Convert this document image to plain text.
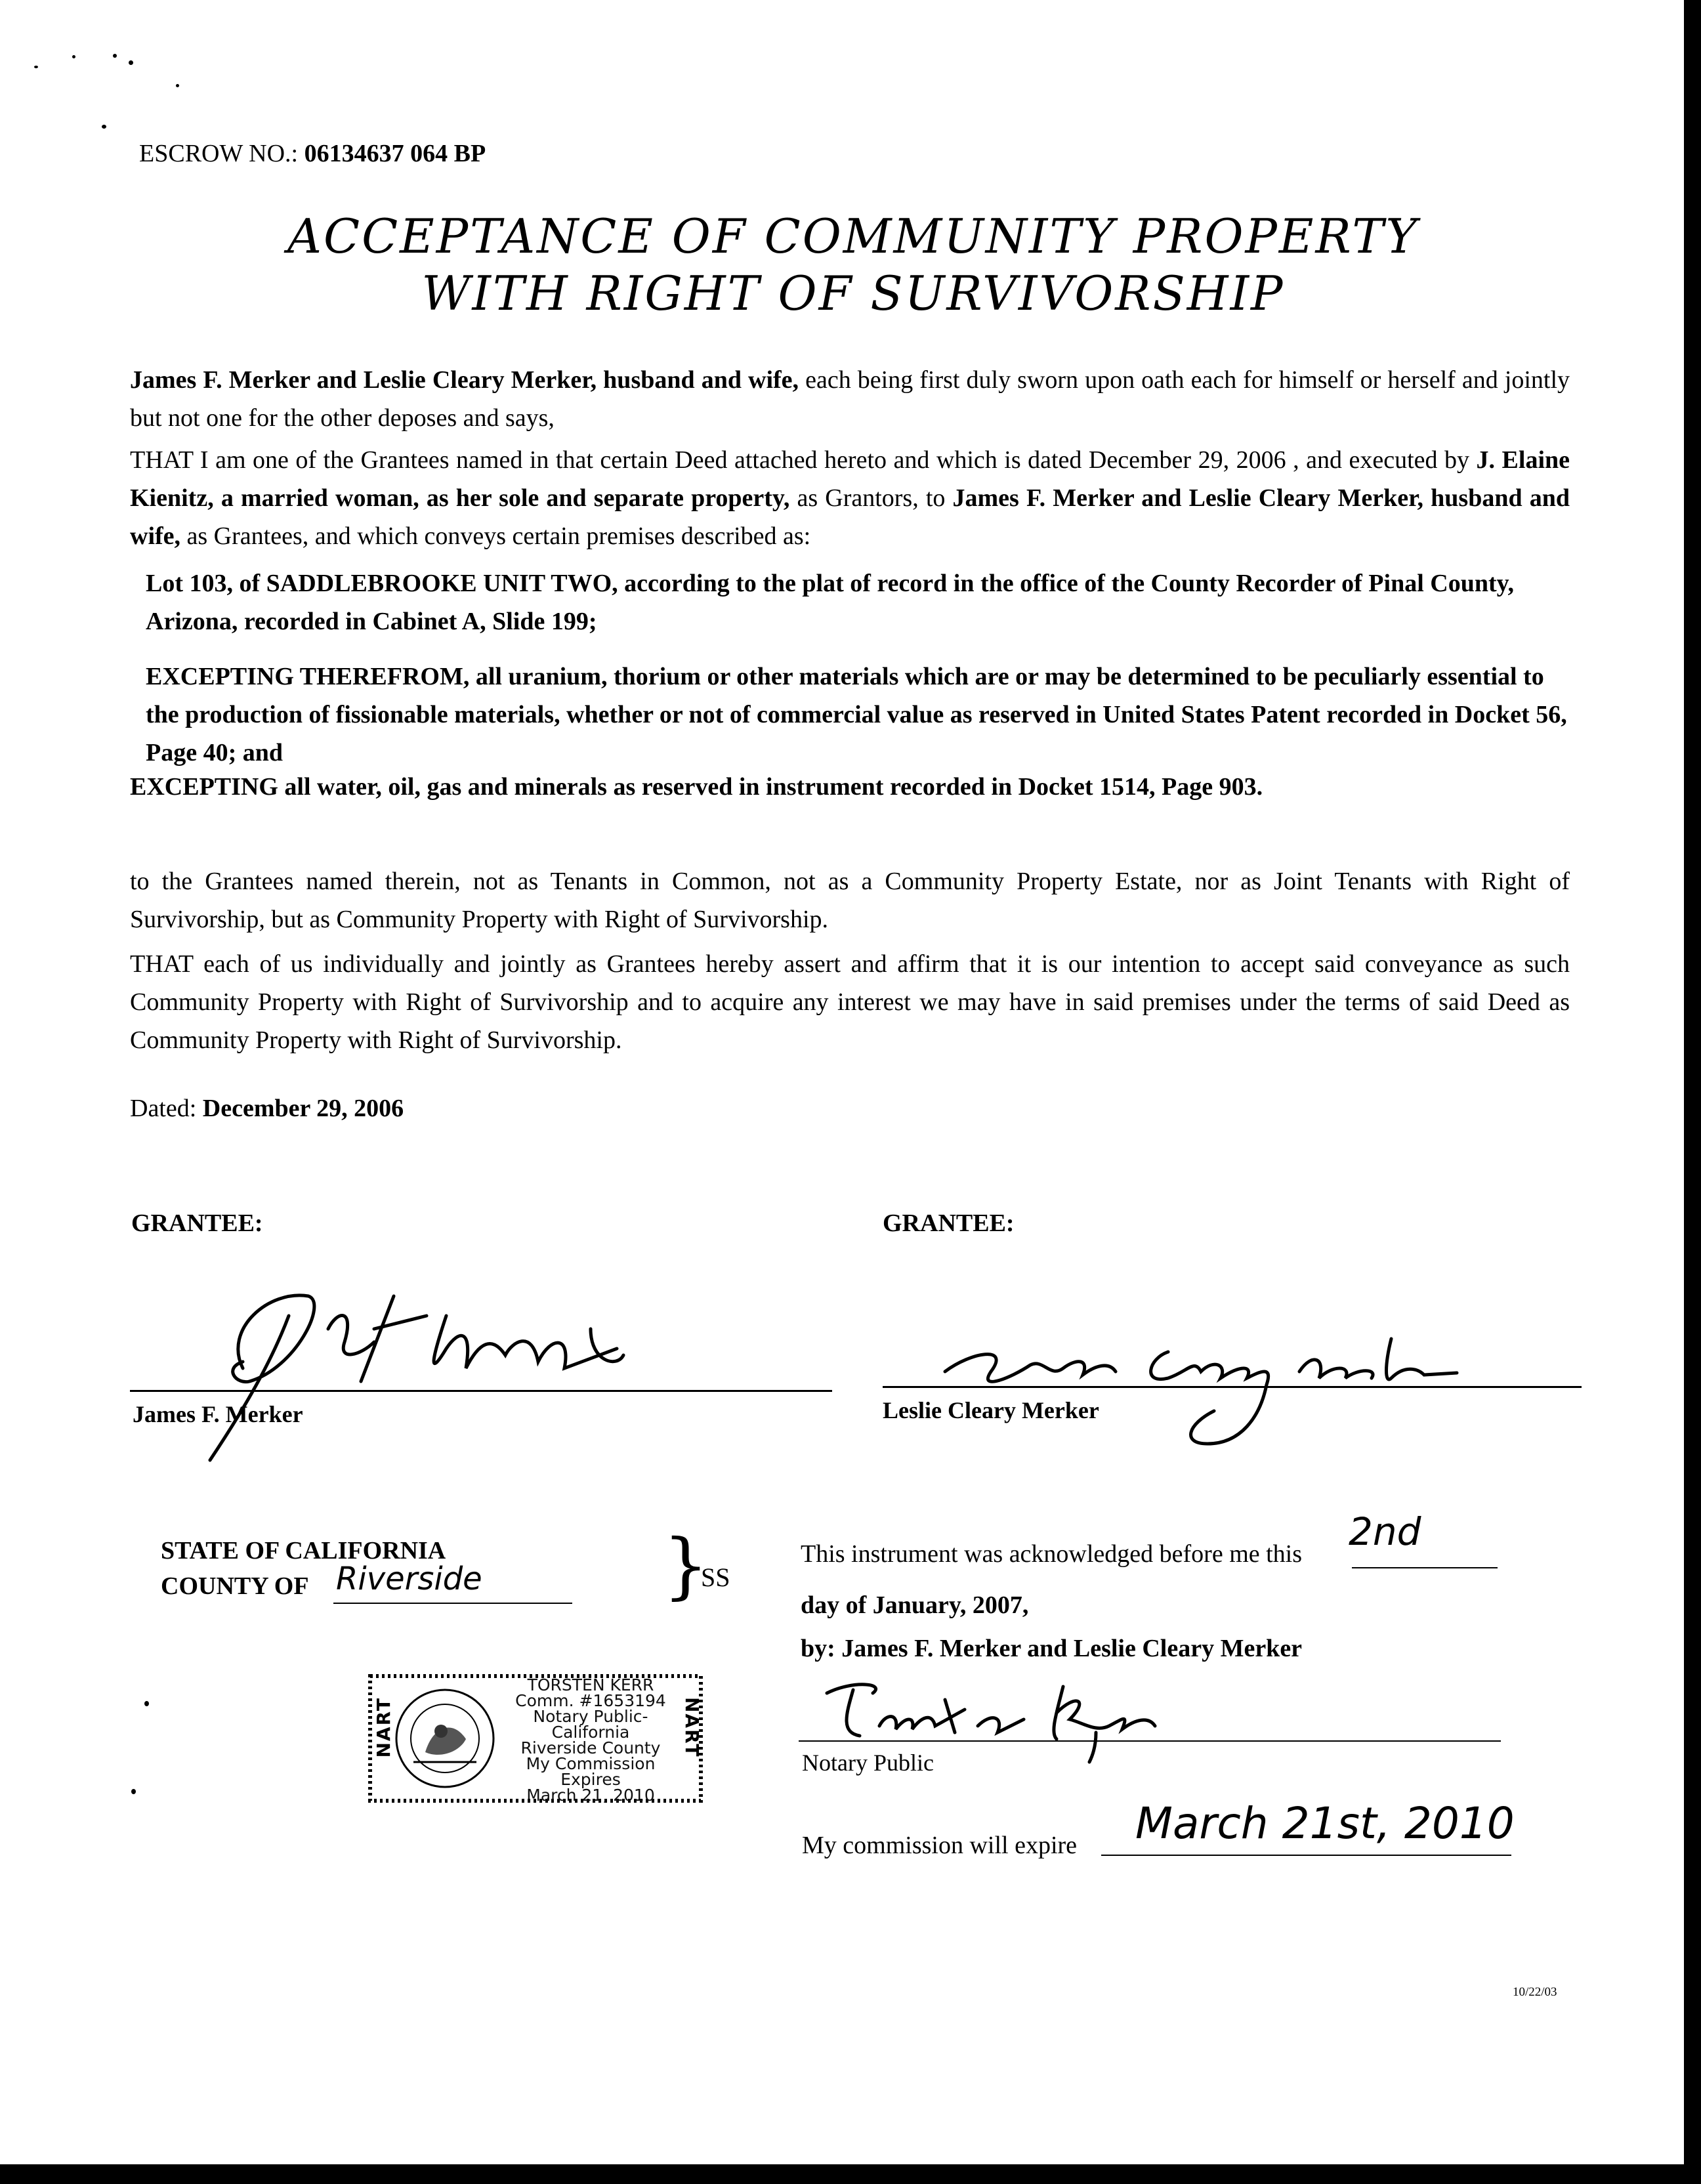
ESCROW NO.: 06134637 064 BP
ACCEPTANCE OF COMMUNITY PROPERTY
WITH RIGHT OF SURVIVORSHIP
James F. Merker and Leslie Cleary Merker, husband and wife, each being first duly sworn upon oath each for himself or herself and jointly but not one for the other deposes and says,
THAT I am one of the Grantees named in that certain Deed attached hereto and which is dated December 29, 2006 , and executed by J. Elaine Kienitz, a married woman, as her sole and separate property, as Grantors, to James F. Merker and Leslie Cleary Merker, husband and wife, as Grantees, and which conveys certain premises described as:
Lot 103, of SADDLEBROOKE UNIT TWO, according to the plat of record in the office of the County Recorder of Pinal County, Arizona, recorded in Cabinet A, Slide 199;
EXCEPTING THEREFROM, all uranium, thorium or other materials which are or may be determined to be peculiarly essential to the production of fissionable materials, whether or not of commercial value as reserved in United States Patent recorded in Docket 56, Page 40; and
EXCEPTING all water, oil, gas and minerals as reserved in instrument recorded in Docket 1514, Page 903.
to the Grantees named therein, not as Tenants in Common, not as a Community Property Estate, nor as Joint Tenants with Right of Survivorship, but as Community Property with Right of Survivorship.
THAT each of us individually and jointly as Grantees hereby assert and affirm that it is our intention to accept said conveyance as such Community Property with Right of Survivorship and to acquire any interest we may have in said premises under the terms of said Deed as Community Property with Right of Survivorship.
Dated: December 29, 2006
GRANTEE:	GRANTEE:
James F. Merker	Leslie Cleary Merker
STATE OF CALIFORNIA
COUNTY OF Riverside	}
SS
This instrument was acknowledged before me this 2nd
day of January, 2007,
by: James F. Merker and Leslie Cleary Merker
Notary Public
My commission will expire March 21st, 2010
NART	NART
TORSTEN KERR
Comm. #1653194
Notary Public-California
Riverside County
My Commission Expires
March 21, 2010
10/22/03
